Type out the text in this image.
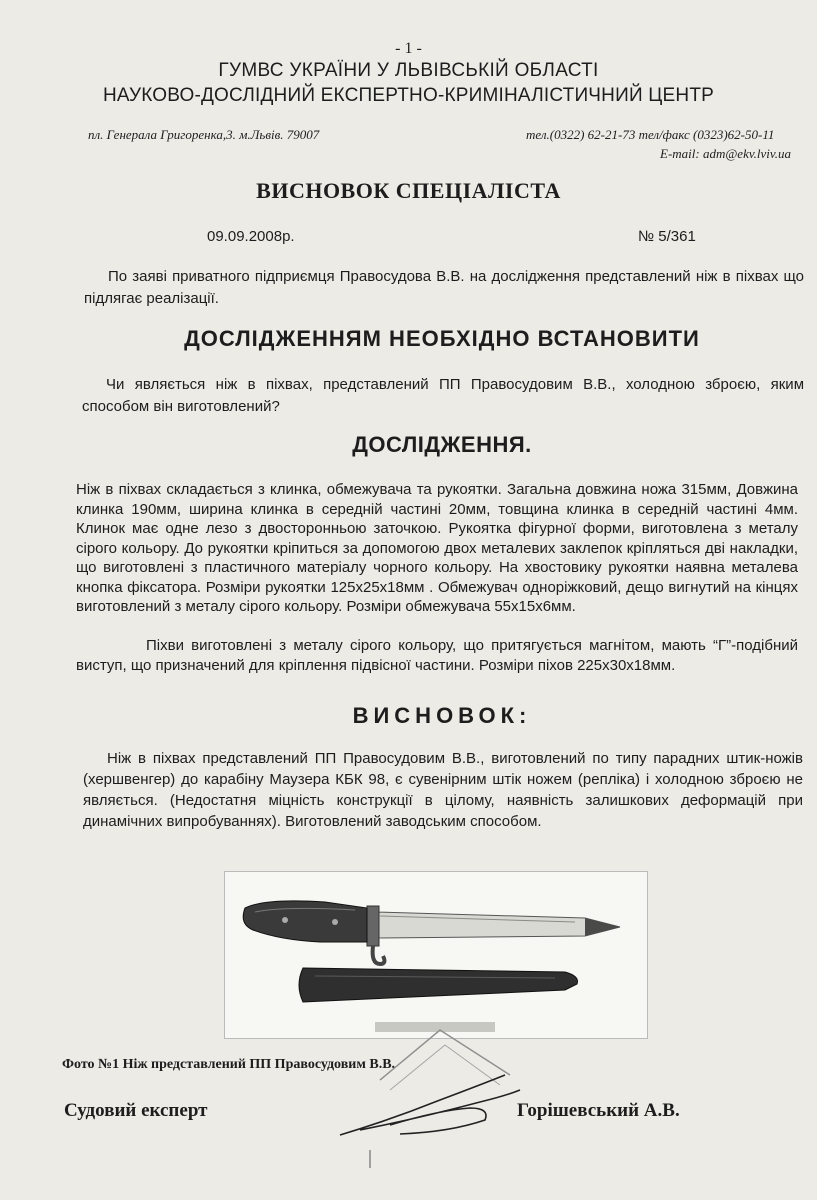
- 1 -

ГУМВС УКРАЇНИ У ЛЬВІВСЬКІЙ ОБЛАСТІ

НАУКОВО-ДОСЛІДНИЙ ЕКСПЕРТНО-КРИМІНАЛІСТИЧНИЙ ЦЕНТР

пл. Генерала Григоренка,3. м.Львів. 79007	тел.(0322) 62-21-73 тел/факс (0323)62-50-11

E-mail: adm@ekv.lviv.ua

ВИСНОВОК СПЕЦІАЛІСТА

09.09.2008р.	№ 5/361

По заяві приватного підприємця Правосудова В.В. на дослідження представлений ніж в піхвах що підлягає реалізації.

ДОСЛІДЖЕННЯМ НЕОБХІДНО ВСТАНОВИТИ

Чи являється ніж в піхвах, представлений ПП Правосудовим В.В., холодною зброєю, яким способом він виготовлений?

ДОСЛІДЖЕННЯ.

Ніж в піхвах складається з клинка, обмежувача та рукоятки. Загальна довжина ножа 315мм, Довжина клинка 190мм, ширина клинка в середній частині 20мм, товщина клинка в середній частині 4мм. Клинок має одне лезо з двосторонньою заточкою. Рукоятка фігурної форми, виготовлена з металу сірого кольору. До рукоятки кріпиться за допомогою двох металевих заклепок кріпляться дві накладки, що виготовлені з пластичного матеріалу чорного кольору. На хвостовику рукоятки наявна металева кнопка фіксатора. Розміри рукоятки 125x25x18мм . Обмежувач одноріжковий, дещо вигнутий на кінцях виготовлений з металу сірого кольору. Розміри обмежувача 55x15x6мм.

Піхви виготовлені з металу сірого кольору, що притягується магнітом, мають “Г”-подібний виступ, що призначений для кріплення підвісної частини. Розміри піхов 225x30x18мм.

ВИСНОВОК:

Ніж в піхвах представлений ПП Правосудовим В.В., виготовлений по типу парадних штик-ножів (хершвенгер) до карабіну Маузера КБК 98, є сувенірним штік ножем (репліка) і холодною зброєю не являється. (Недостатня міцність конструкції в цілому, наявність залишкових деформацій при динамічних випробуваннях). Виготовлений заводським способом.

Фото №1 Ніж представлений ПП Правосудовим В.В.

Судовий експерт	Горішевський А.В.
